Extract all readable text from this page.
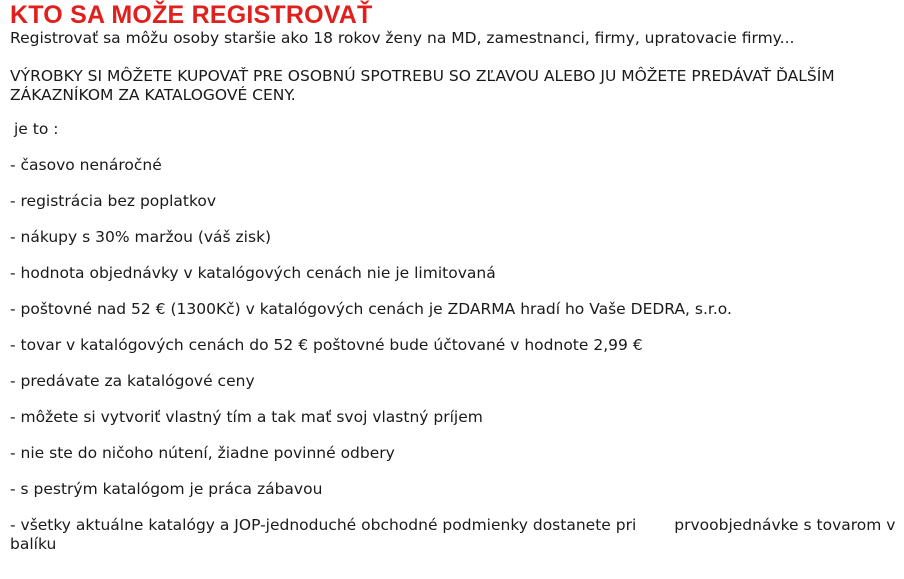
KTO SA MOŽE REGISTROVAŤ

Registrovať sa môžu osoby staršie ako 18 rokov ženy na MD, zamestnanci, firmy, upratovacie firmy...

VÝROBKY SI MÔŽETE KUPOVAŤ PRE OSOBNÚ SPOTREBU SO ZĽAVOU ALEBO JU MÔŽETE PREDÁVAŤ ĎALŠÍM ZÁKAZNÍKOM ZA KATALOGOVÉ CENY.

je to :

- časovo nenáročné
- registrácia bez poplatkov
- nákupy s 30% maržou (váš zisk)
- hodnota objednávky v katalógových cenách nie je limitovaná
- poštovné nad 52 € (1300Kč) v katalógových cenách je ZDARMA hradí ho Vaše DEDRA, s.r.o.
- tovar v katalógových cenách do 52 € poštovné bude účtované v hodnote 2,99 €
- predávate za katalógové ceny
- môžete si vytvoriť vlastný tím a tak mať svoj vlastný príjem
- nie ste do ničoho nútení, žiadne povinné odbery
- s pestrým katalógom je práca zábavou
- všetky aktuálne katalógy a JOP-jednoduché obchodné podmienky dostanete pri prvoobjednávke s tovarom v balíku
